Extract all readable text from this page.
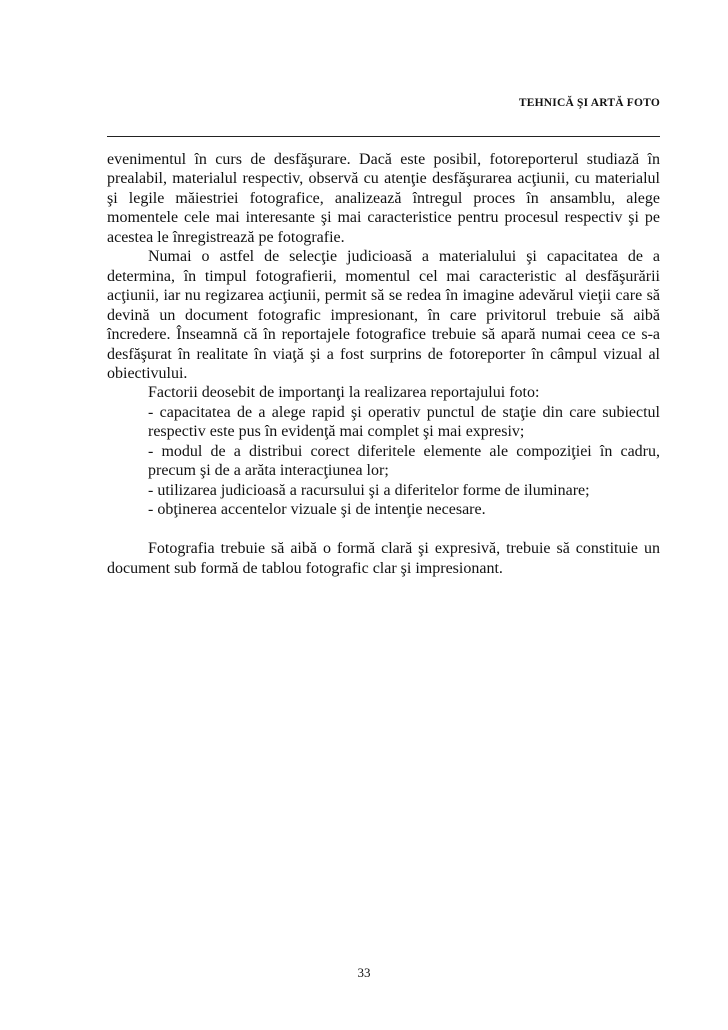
TEHNICĂ ŞI ARTĂ FOTO

evenimentul în curs de desfăşurare. Dacă este posibil, fotoreporterul studiază în prealabil, materialul respectiv, observă cu atenţie desfăşurarea acţiunii, cu materialul şi legile măiestriei fotografice, analizează întregul proces în ansamblu, alege momentele cele mai interesante şi mai caracteristice pentru procesul respectiv şi pe acestea le înregistrează pe fotografie.

Numai o astfel de selecţie judicioasă a materialului şi capacitatea de a determina, în timpul fotografierii, momentul cel mai caracteristic al desfăşurării acţiunii, iar nu regizarea acţiunii, permit să se redea în imagine adevărul vieţii care să devină un document fotografic impresionant, în care privitorul trebuie să aibă încredere. Înseamnă că în reportajele fotografice trebuie să apară numai ceea ce s-a desfăşurat în realitate în viaţă şi a fost surprins de fotoreporter în câmpul vizual al obiectivului.

Factorii deosebit de importanţi la realizarea reportajului foto:

- capacitatea de a alege rapid şi operativ punctul de staţie din care subiectul respectiv este pus în evidenţă mai complet şi mai expresiv;

- modul de a distribui corect diferitele elemente ale compoziţiei în cadru, precum şi de a arăta interacţiunea lor;

- utilizarea judicioasă a racursului şi a diferitelor forme de iluminare;

- obţinerea accentelor vizuale şi de intenţie necesare.

Fotografia trebuie să aibă o formă clară şi expresivă, trebuie să constituie un document sub formă de tablou fotografic clar şi impresionant.

33
